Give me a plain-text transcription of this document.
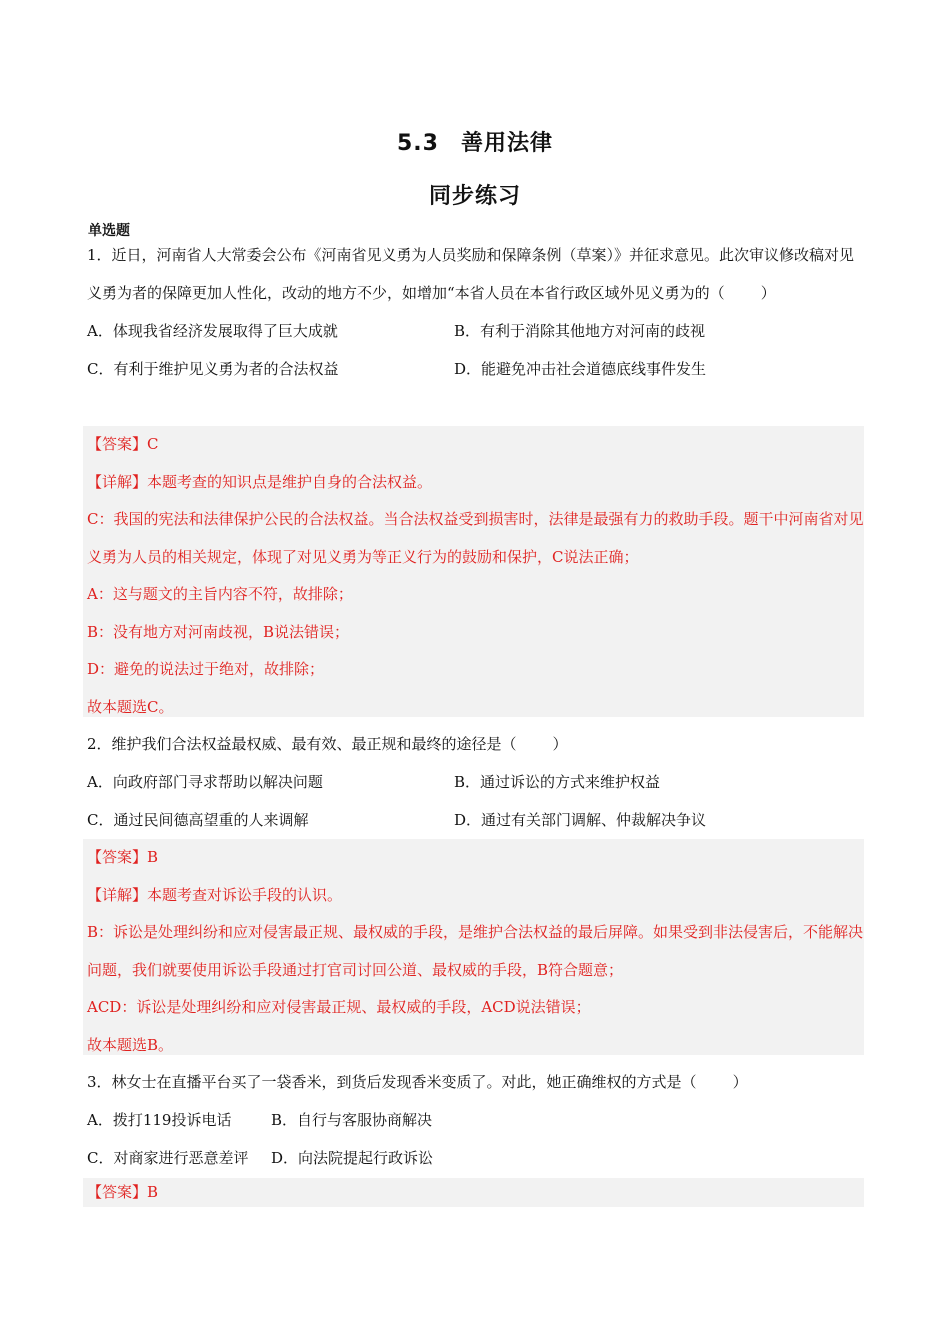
5.3 善用法律
同步练习
单选题

1．近日，河南省人大常委会公布《河南省见义勇为人员奖励和保障条例（草案）》并征求意见。此次审议修改稿对见义勇为者的保障更加人性化，改动的地方不少，如增加“本省人员在本省行政区域外见义勇为的（ ）

A．体现我省经济发展取得了巨大成就	B．有利于消除其他地方对河南的歧视
C．有利于维护见义勇为者的合法权益	D．能避免冲击社会道德底线事件发生

【答案】C

【详解】本题考查的知识点是维护自身的合法权益。

C：我国的宪法和法律保护公民的合法权益。当合法权益受到损害时，法律是最强有力的救助手段。题干中河南省对见义勇为人员的相关规定，体现了对见义勇为等正义行为的鼓励和保护，C说法正确；

A：这与题文的主旨内容不符，故排除；

B：没有地方对河南歧视，B说法错误；

D：避免的说法过于绝对，故排除；

故本题选C。

2．维护我们合法权益最权威、最有效、最正规和最终的途径是（ ）

A．向政府部门寻求帮助以解决问题	B．通过诉讼的方式来维护权益
C．通过民间德高望重的人来调解	D．通过有关部门调解、仲裁解决争议

【答案】B

【详解】本题考查对诉讼手段的认识。

B：诉讼是处理纠纷和应对侵害最正规、最权威的手段，是维护合法权益的最后屏障。如果受到非法侵害后，不能解决问题，我们就要使用诉讼手段通过打官司讨回公道、最权威的手段，B符合题意；

ACD：诉讼是处理纠纷和应对侵害最正规、最权威的手段，ACD说法错误；

故本题选B。

3．林女士在直播平台买了一袋香米，到货后发现香米变质了。对此，她正确维权的方式是（ ）

A．拨打119投诉电话	B．自行与客服协商解决
C．对商家进行恶意差评 D．向法院提起行政诉讼

【答案】B
